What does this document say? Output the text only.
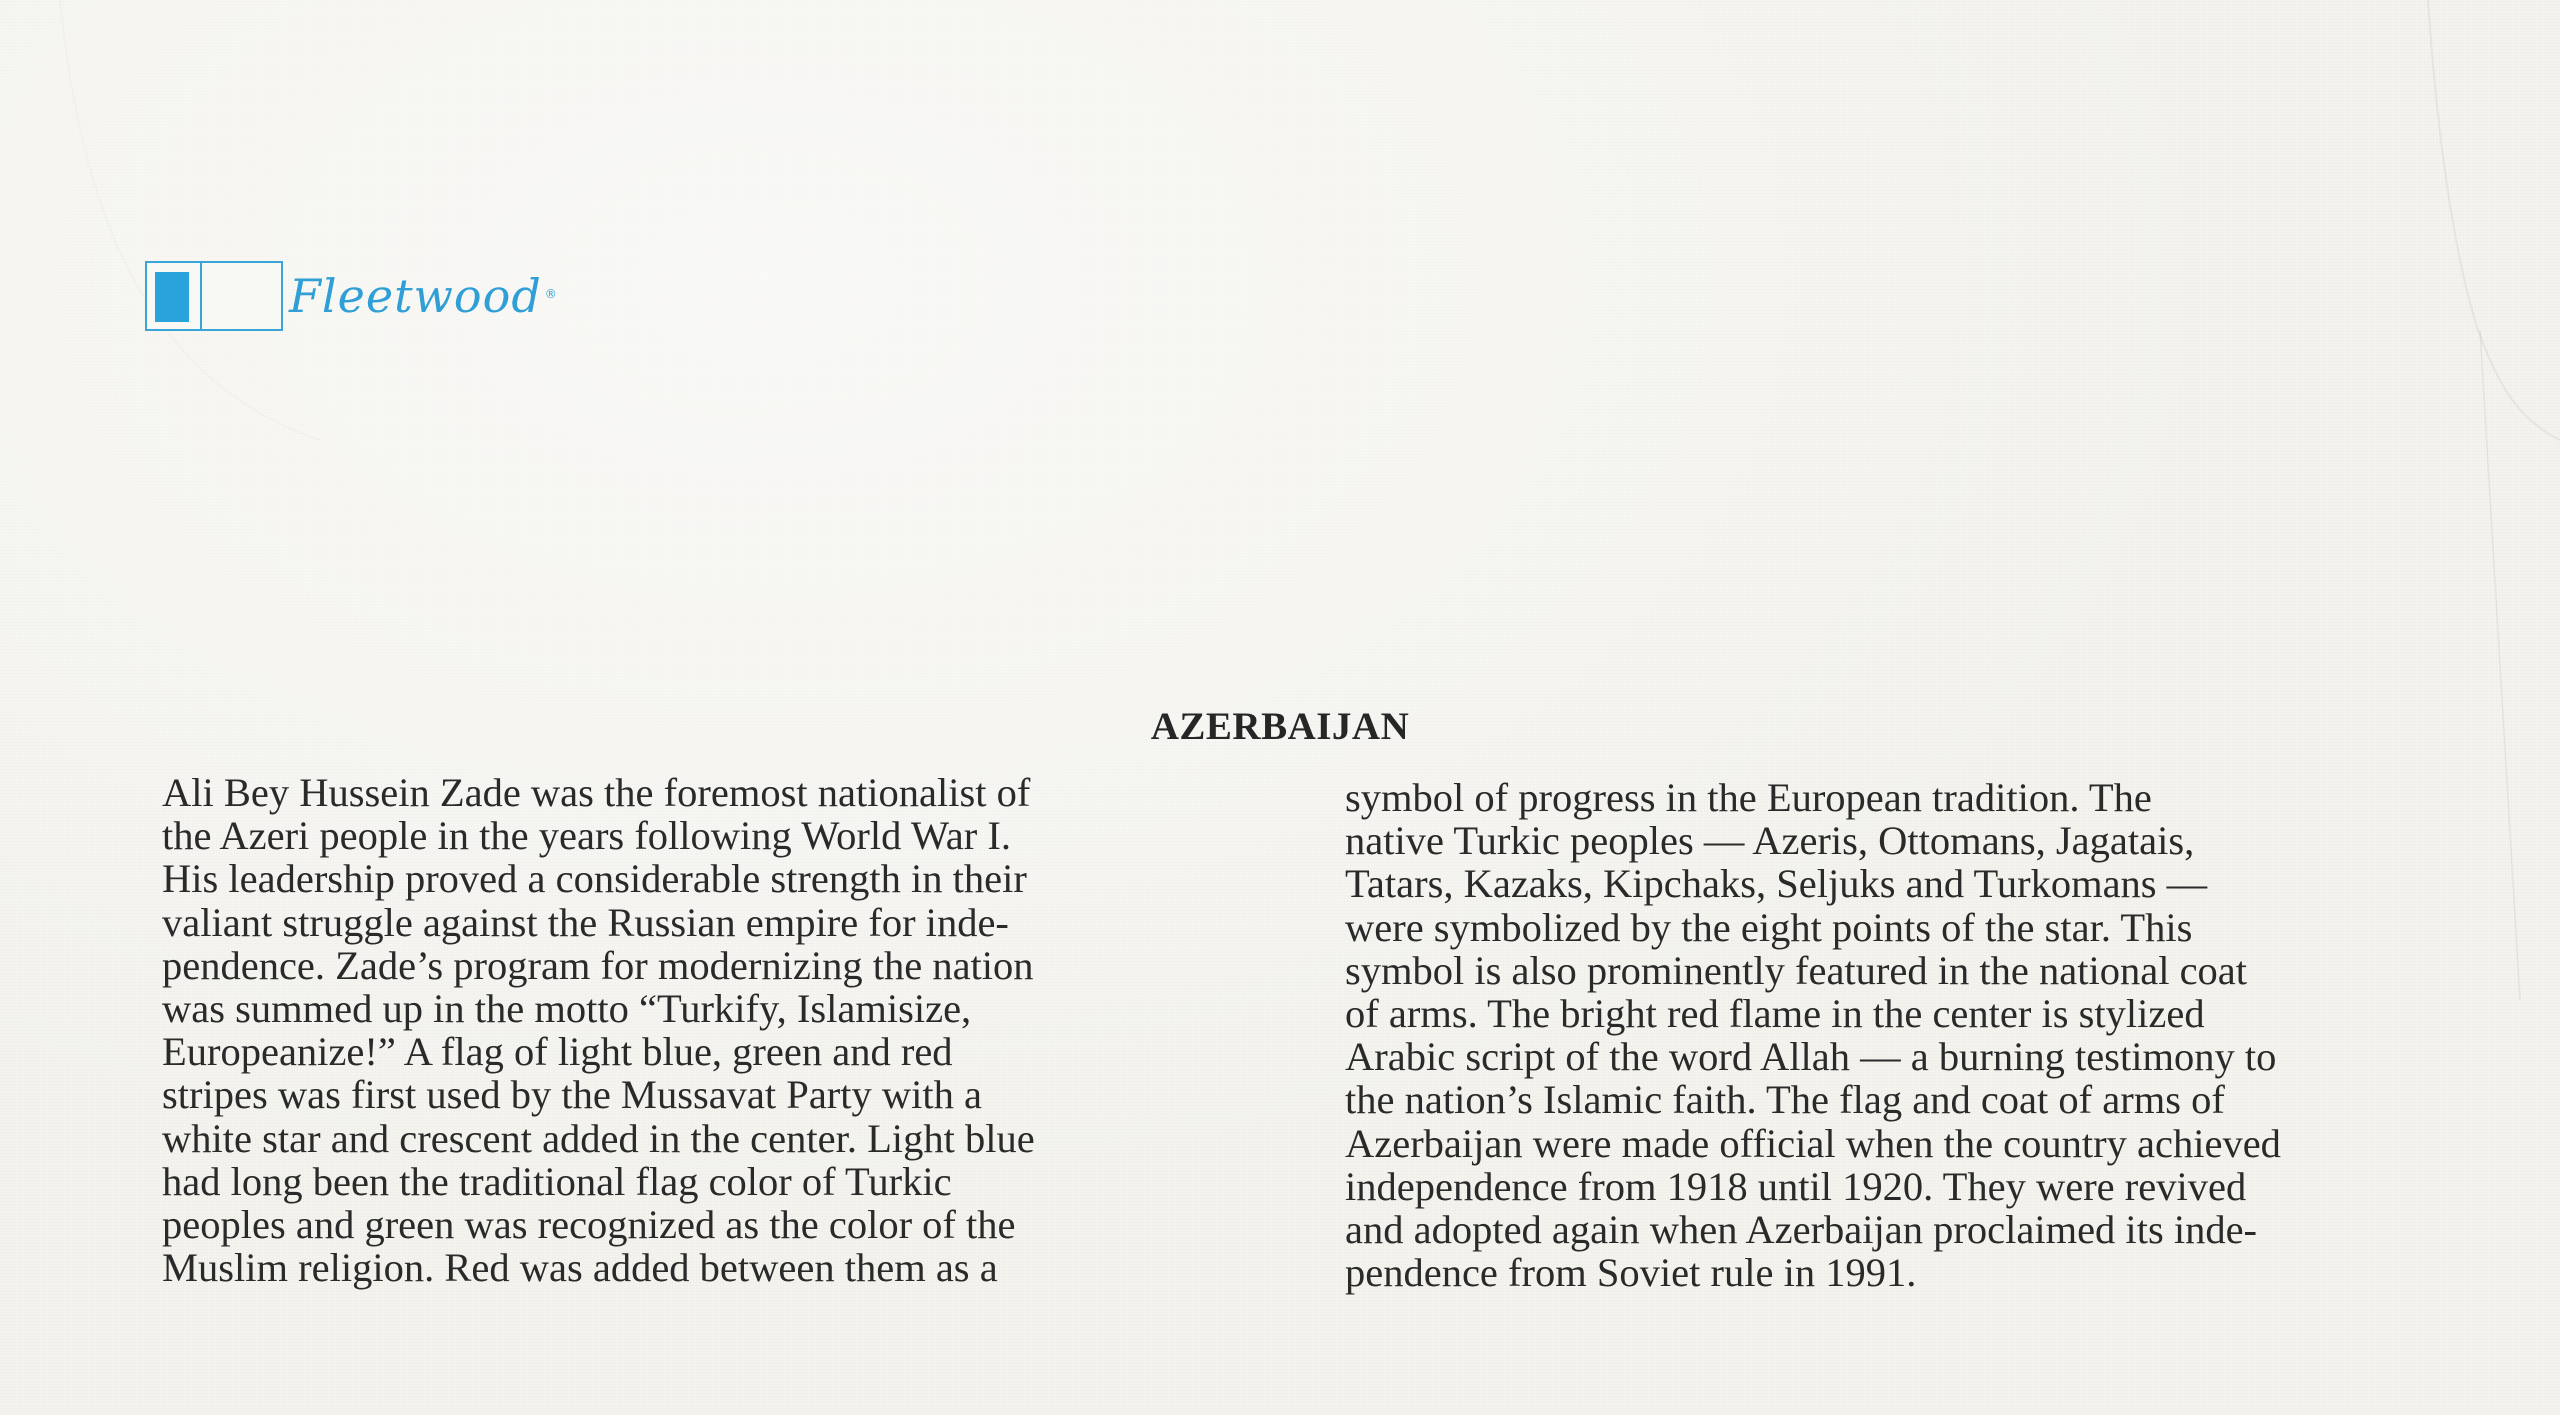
Fleetwood ®
AZERBAIJAN
Ali Bey Hussein Zade was the foremost nationalist of
the Azeri people in the years following World War I.
His leadership proved a considerable strength in their
valiant struggle against the Russian empire for inde-
pendence. Zade’s program for modernizing the nation
was summed up in the motto “Turkify, Islamisize,
Europeanize!” A flag of light blue, green and red
stripes was first used by the Mussavat Party with a
white star and crescent added in the center. Light blue
had long been the traditional flag color of Turkic
peoples and green was recognized as the color of the
Muslim religion. Red was added between them as a
symbol of progress in the European tradition. The
native Turkic peoples — Azeris, Ottomans, Jagatais,
Tatars, Kazaks, Kipchaks, Seljuks and Turkomans —
were symbolized by the eight points of the star. This
symbol is also prominently featured in the national coat
of arms. The bright red flame in the center is stylized
Arabic script of the word Allah — a burning testimony to
the nation’s Islamic faith. The flag and coat of arms of
Azerbaijan were made official when the country achieved
independence from 1918 until 1920. They were revived
and adopted again when Azerbaijan proclaimed its inde-
pendence from Soviet rule in 1991.
